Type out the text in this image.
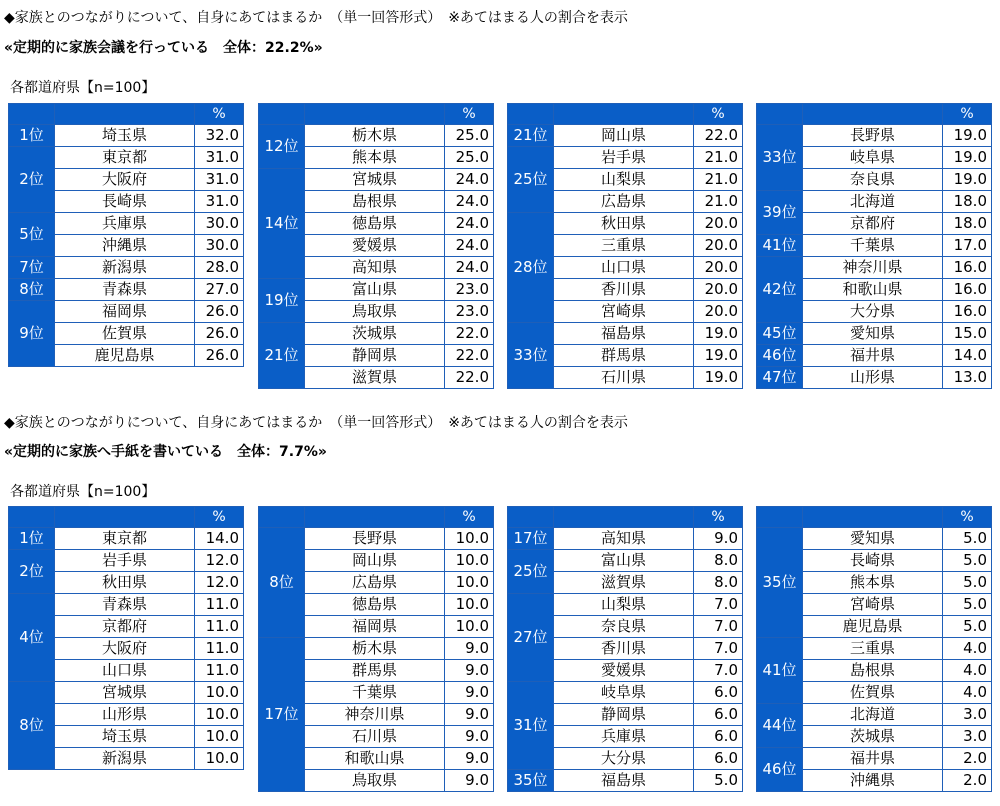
◆家族とのつながりについて、自身にあてはまるか　（単一回答形式）　※あてはまる人の割合を表示
«定期的に家族会議を行っている　全体：22.2%»
各都道府県【n=100】
		%
1位	埼玉県	32.0
2位	東京都	31.0
	大阪府	31.0
	長崎県	31.0
5位	兵庫県	30.0
	沖縄県	30.0
7位	新潟県	28.0
8位	青森県	27.0
9位	福岡県	26.0
	佐賀県	26.0
	鹿児島県	26.0
		%
12位	栃木県	25.0
	熊本県	25.0
14位	宮城県	24.0
	島根県	24.0
	徳島県	24.0
	愛媛県	24.0
	高知県	24.0
19位	富山県	23.0
	鳥取県	23.0
21位	茨城県	22.0
	静岡県	22.0
	滋賀県	22.0
		%
21位	岡山県	22.0
25位	岩手県	21.0
	山梨県	21.0
	広島県	21.0
28位	秋田県	20.0
	三重県	20.0
	山口県	20.0
	香川県	20.0
	宮崎県	20.0
33位	福島県	19.0
	群馬県	19.0
	石川県	19.0
		%
33位	長野県	19.0
	岐阜県	19.0
	奈良県	19.0
39位	北海道	18.0
	京都府	18.0
41位	千葉県	17.0
42位	神奈川県	16.0
	和歌山県	16.0
	大分県	16.0
45位	愛知県	15.0
46位	福井県	14.0
47位	山形県	13.0
◆家族とのつながりについて、自身にあてはまるか　（単一回答形式）　※あてはまる人の割合を表示
«定期的に家族へ手紙を書いている　全体：7.7%»
各都道府県【n=100】
		%
1位	東京都	14.0
2位	岩手県	12.0
	秋田県	12.0
4位	青森県	11.0
	京都府	11.0
	大阪府	11.0
	山口県	11.0
8位	宮城県	10.0
	山形県	10.0
	埼玉県	10.0
	新潟県	10.0
		%
8位	長野県	10.0
	岡山県	10.0
	広島県	10.0
	徳島県	10.0
	福岡県	10.0
17位	栃木県	9.0
	群馬県	9.0
	千葉県	9.0
	神奈川県	9.0
	石川県	9.0
	和歌山県	9.0
	鳥取県	9.0
		%
17位	高知県	9.0
25位	富山県	8.0
	滋賀県	8.0
27位	山梨県	7.0
	奈良県	7.0
	香川県	7.0
	愛媛県	7.0
31位	岐阜県	6.0
	静岡県	6.0
	兵庫県	6.0
	大分県	6.0
35位	福島県	5.0
		%
35位	愛知県	5.0
	長崎県	5.0
	熊本県	5.0
	宮崎県	5.0
	鹿児島県	5.0
41位	三重県	4.0
	島根県	4.0
	佐賀県	4.0
44位	北海道	3.0
	茨城県	3.0
46位	福井県	2.0
	沖縄県	2.0
